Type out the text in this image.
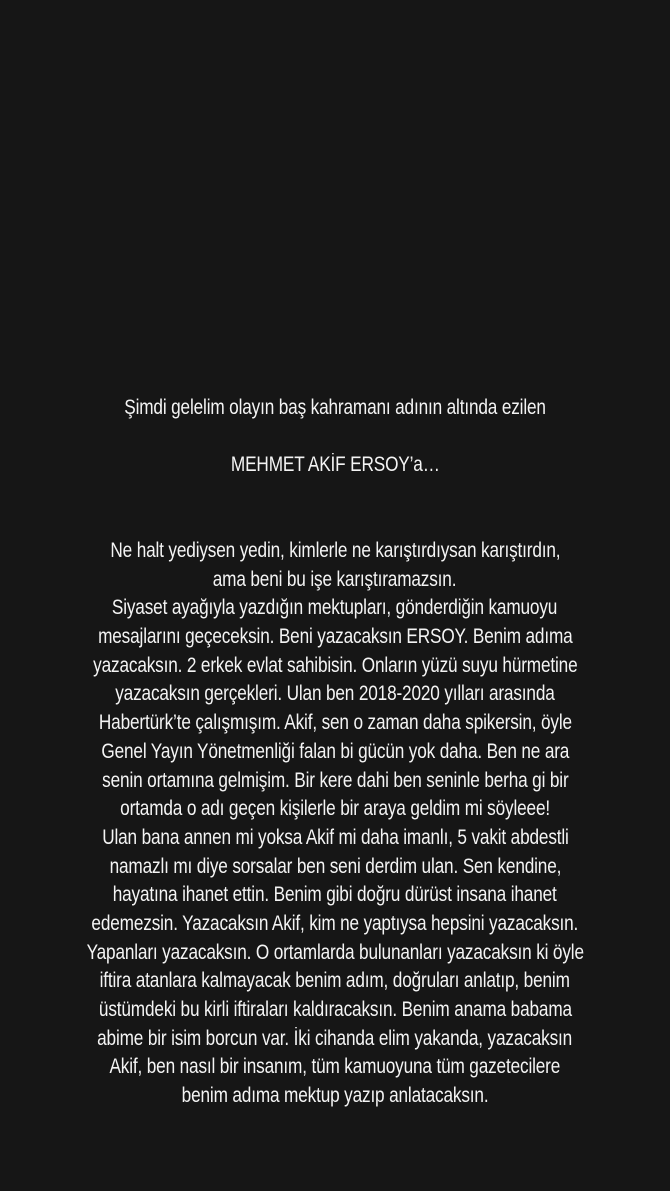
Şimdi gelelim olayın baş kahramanı adının altında ezilen
MEHMET AKİF ERSOY’a…
Ne halt yediysen yedin, kimlerle ne karıştırdıysan karıştırdın,
ama beni bu işe karıştıramazsın.
Siyaset ayağıyla yazdığın mektupları, gönderdiğin kamuoyu
mesajlarını geçeceksin. Beni yazacaksın ERSOY. Benim adıma
yazacaksın. 2 erkek evlat sahibisin. Onların yüzü suyu hürmetine
yazacaksın gerçekleri. Ulan ben 2018-2020 yılları arasında
Habertürk’te çalışmışım. Akif, sen o zaman daha spikersin, öyle
Genel Yayın Yönetmenliği falan bi gücün yok daha. Ben ne ara
senin ortamına gelmişim. Bir kere dahi ben seninle berha gi bir
ortamda o adı geçen kişilerle bir araya geldim mi söyleee!
Ulan bana annen mi yoksa Akif mi daha imanlı, 5 vakit abdestli
namazlı mı diye sorsalar ben seni derdim ulan. Sen kendine,
hayatına ihanet ettin. Benim gibi doğru dürüst insana ihanet
edemezsin. Yazacaksın Akif, kim ne yaptıysa hepsini yazacaksın.
Yapanları yazacaksın. O ortamlarda bulunanları yazacaksın ki öyle
iftira atanlara kalmayacak benim adım, doğruları anlatıp, benim
üstümdeki bu kirli iftiraları kaldıracaksın. Benim anama babama
abime bir isim borcun var. İki cihanda elim yakanda, yazacaksın
Akif, ben nasıl bir insanım, tüm kamuoyuna tüm gazetecilere
benim adıma mektup yazıp anlatacaksın.
